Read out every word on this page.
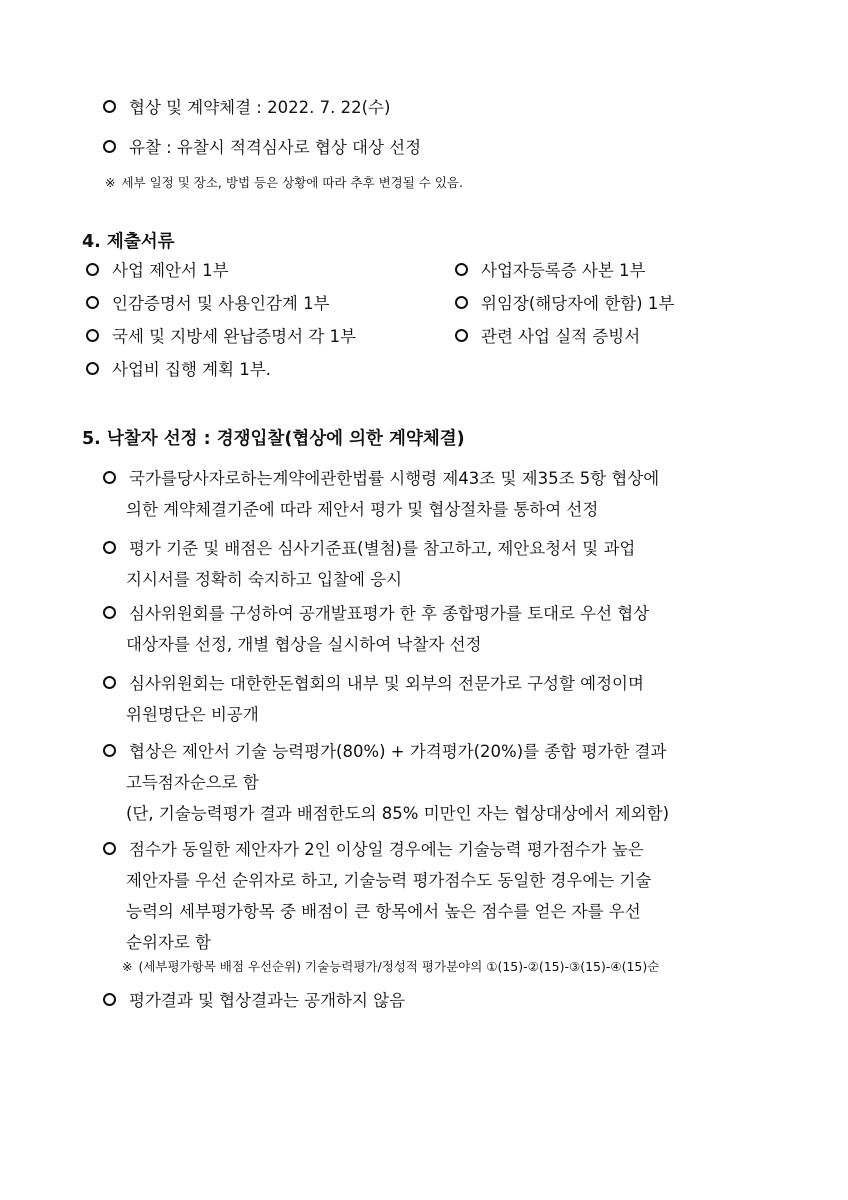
협상 및 계약체결 : 2022. 7. 22(수)
유찰 : 유찰시 적격심사로 협상 대상 선정
※ 세부 일정 및 장소, 방법 등은 상황에 따라 추후 변경될 수 있음.
4. 제출서류
사업 제안서 1부
인감증명서 및 사용인감계 1부
국세 및 지방세 완납증명서 각 1부
사업비 집행 계획 1부.
사업자등록증 사본 1부
위임장(해당자에 한함) 1부
관련 사업 실적 증빙서
5. 낙찰자 선정 : 경쟁입찰(협상에 의한 계약체결)
국가를당사자로하는계약에관한법률 시행령 제43조 및 제35조 5항 협상에
의한 계약체결기준에 따라 제안서 평가 및 협상절차를 통하여 선정
평가 기준 및 배점은 심사기준표(별첨)를 참고하고, 제안요청서 및 과업
지시서를 정확히 숙지하고 입찰에 응시
심사위원회를 구성하여 공개발표평가 한 후 종합평가를 토대로 우선 협상
대상자를 선정, 개별 협상을 실시하여 낙찰자 선정
심사위원회는 대한한돈협회의 내부 및 외부의 전문가로 구성할 예정이며
위원명단은 비공개
협상은 제안서 기술 능력평가(80%) + 가격평가(20%)를 종합 평가한 결과
고득점자순으로 함
(단, 기술능력평가 결과 배점한도의 85% 미만인 자는 협상대상에서 제외함)
점수가 동일한 제안자가 2인 이상일 경우에는 기술능력 평가점수가 높은
제안자를 우선 순위자로 하고, 기술능력 평가점수도 동일한 경우에는 기술
능력의 세부평가항목 중 배점이 큰 항목에서 높은 점수를 얻은 자를 우선
순위자로 함
※ (세부평가항목 배점 우선순위) 기술능력평가/정성적 평가분야의 ①(15)-②(15)-③(15)-④(15)순
평가결과 및 협상결과는 공개하지 않음
